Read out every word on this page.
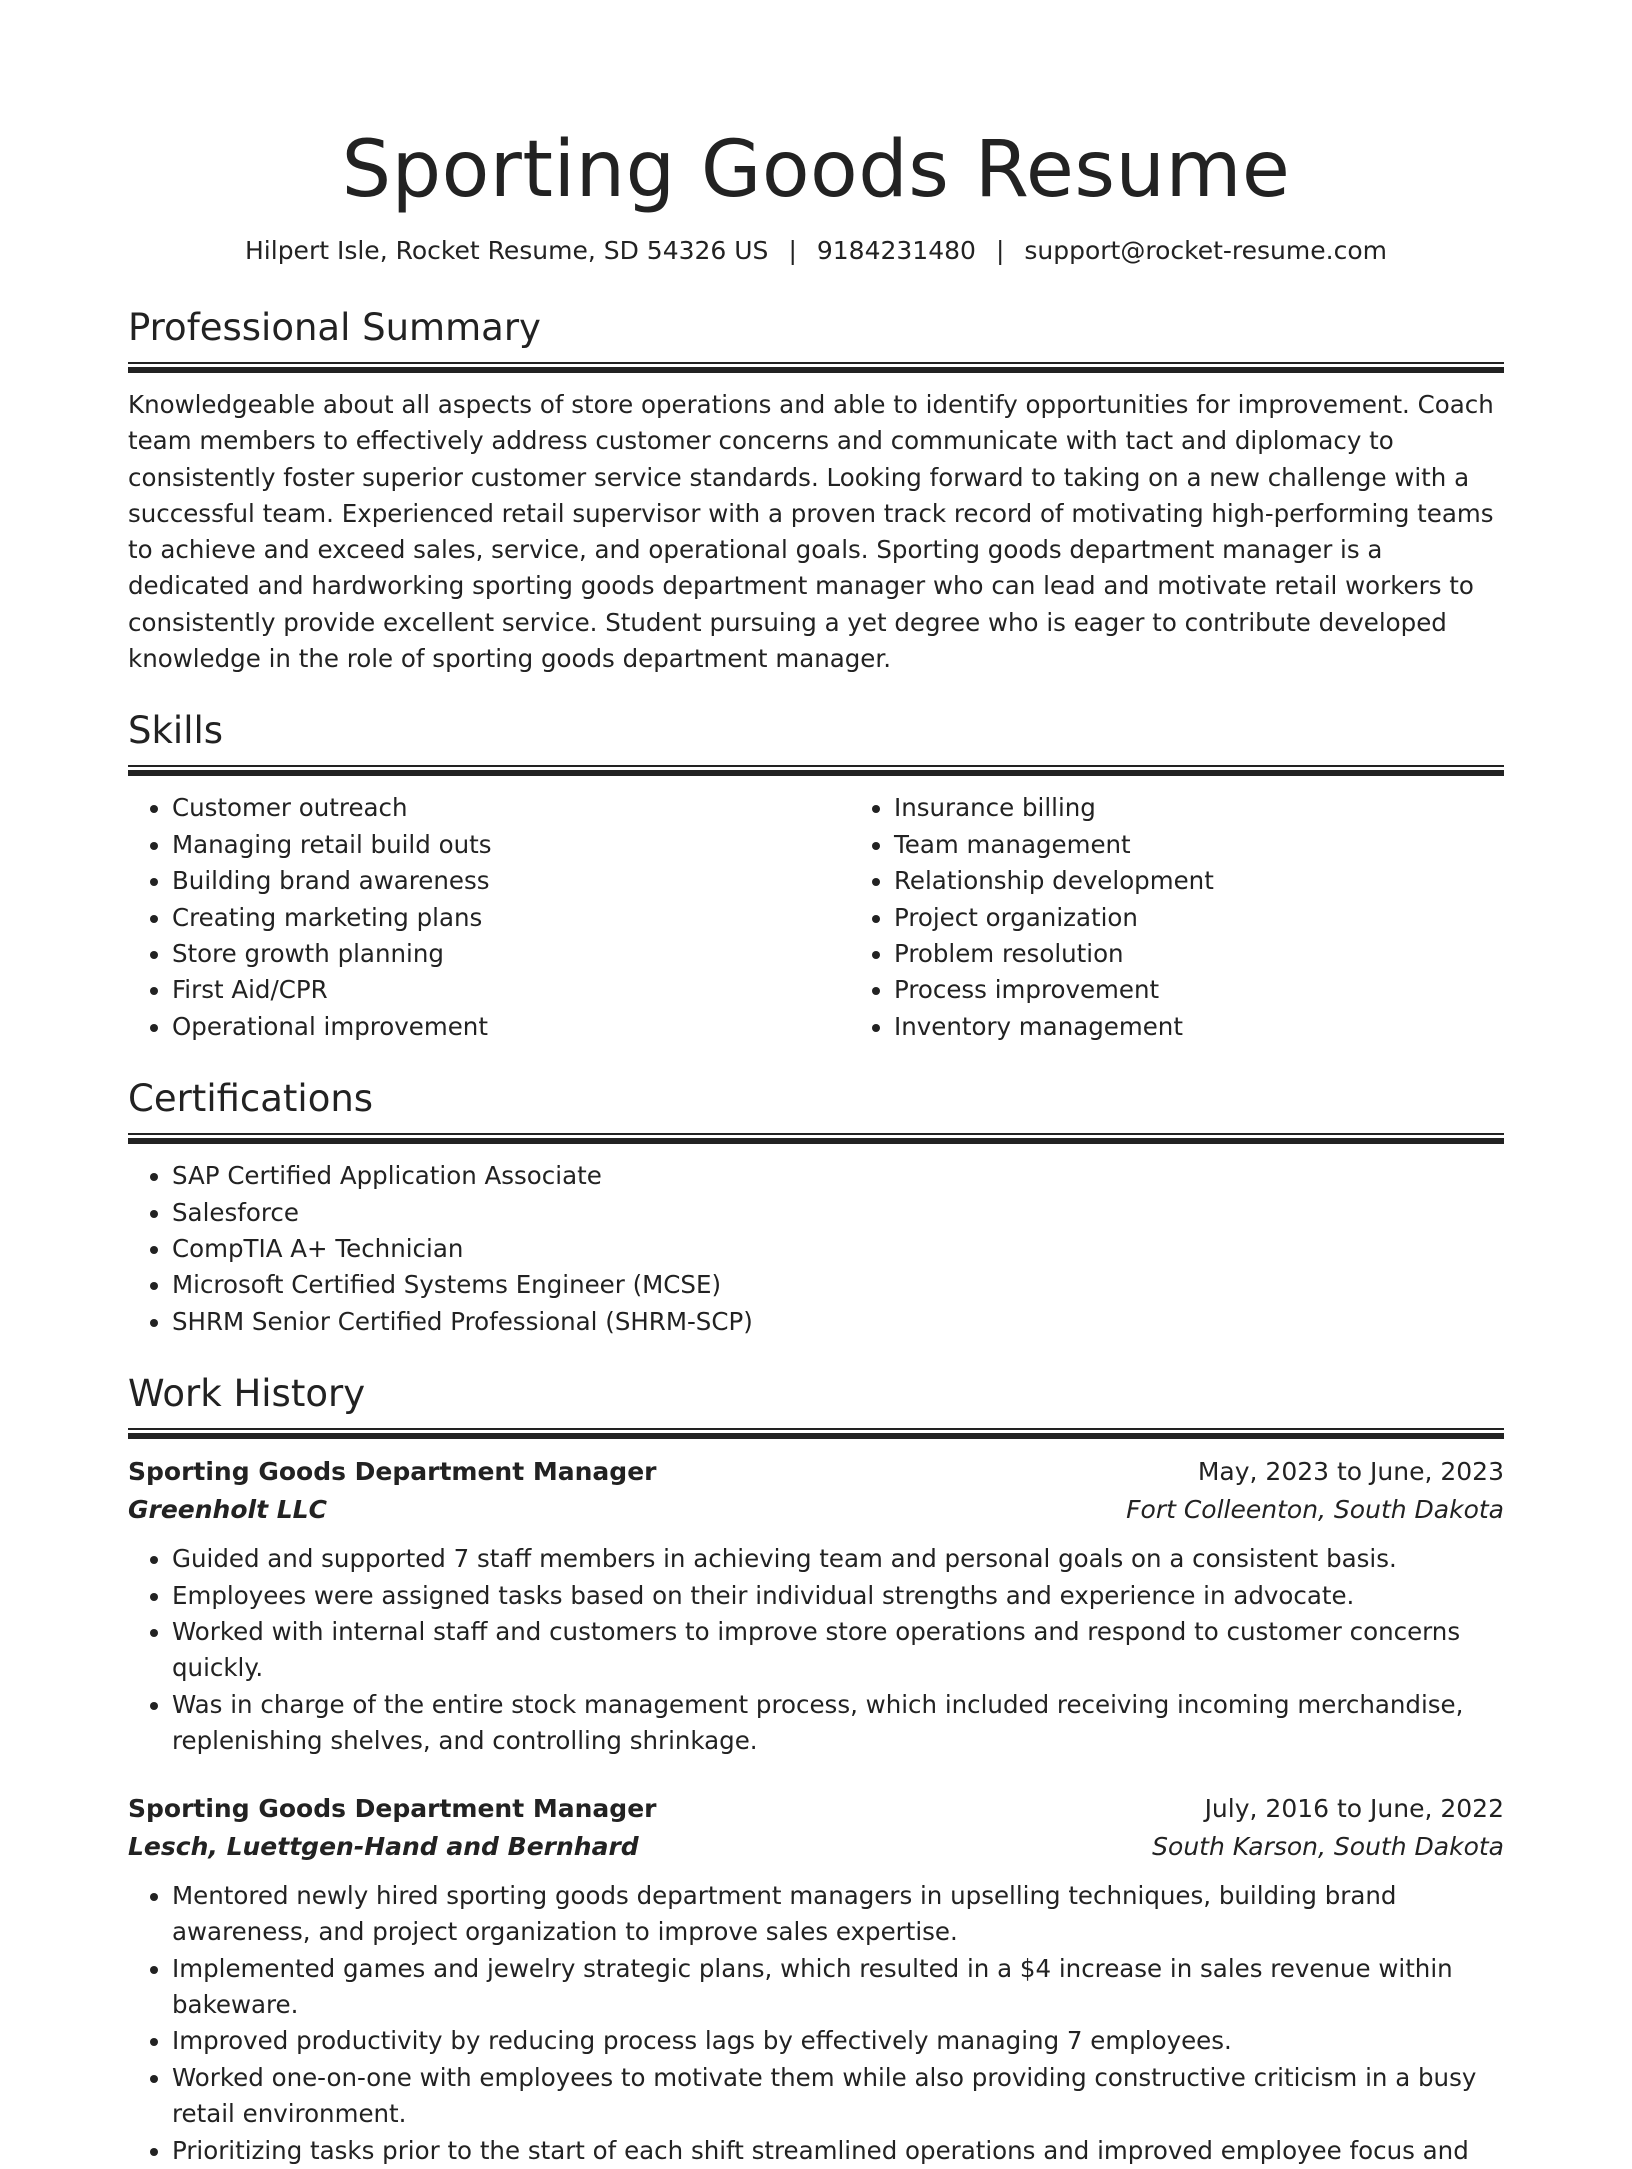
Sporting Goods Resume
Hilpert Isle, Rocket Resume, SD 54326 US | 9184231480 | support@rocket-resume.com
Professional Summary

Knowledgeable about all aspects of store operations and able to identify opportunities for improvement. Coach team members to effectively address customer concerns and communicate with tact and diplomacy to consistently foster superior customer service standards. Looking forward to taking on a new challenge with a successful team. Experienced retail supervisor with a proven track record of motivating high-performing teams to achieve and exceed sales, service, and operational goals. Sporting goods department manager is a dedicated and hardworking sporting goods department manager who can lead and motivate retail workers to consistently provide excellent service. Student pursuing a yet degree who is eager to contribute developed knowledge in the role of sporting goods department manager.

Skills
• Customer outreach
• Managing retail build outs
• Building brand awareness
• Creating marketing plans
• Store growth planning
• First Aid/CPR
• Operational improvement
• Insurance billing
• Team management
• Relationship development
• Project organization
• Problem resolution
• Process improvement
• Inventory management
Certifications
• SAP Certified Application Associate
• Salesforce
• CompTIA A+ Technician
• Microsoft Certified Systems Engineer (MCSE)
• SHRM Senior Certified Professional (SHRM-SCP)
Work History
Sporting Goods Department Manager	May, 2023 to June, 2023
Greenholt LLC	Fort Colleenton, South Dakota
• Guided and supported 7 staff members in achieving team and personal goals on a consistent basis.
• Employees were assigned tasks based on their individual strengths and experience in advocate.
• Worked with internal staff and customers to improve store operations and respond to customer concerns quickly.
• Was in charge of the entire stock management process, which included receiving incoming merchandise, replenishing shelves, and controlling shrinkage.
Sporting Goods Department Manager	July, 2016 to June, 2022
Lesch, Luettgen-Hand and Bernhard	South Karson, South Dakota
• Mentored newly hired sporting goods department managers in upselling techniques, building brand awareness, and project organization to improve sales expertise.
• Implemented games and jewelry strategic plans, which resulted in a $4 increase in sales revenue within bakeware.
• Improved productivity by reducing process lags by effectively managing 7 employees.
• Worked one-on-one with employees to motivate them while also providing constructive criticism in a busy retail environment.
• Prioritizing tasks prior to the start of each shift streamlined operations and improved employee focus and
